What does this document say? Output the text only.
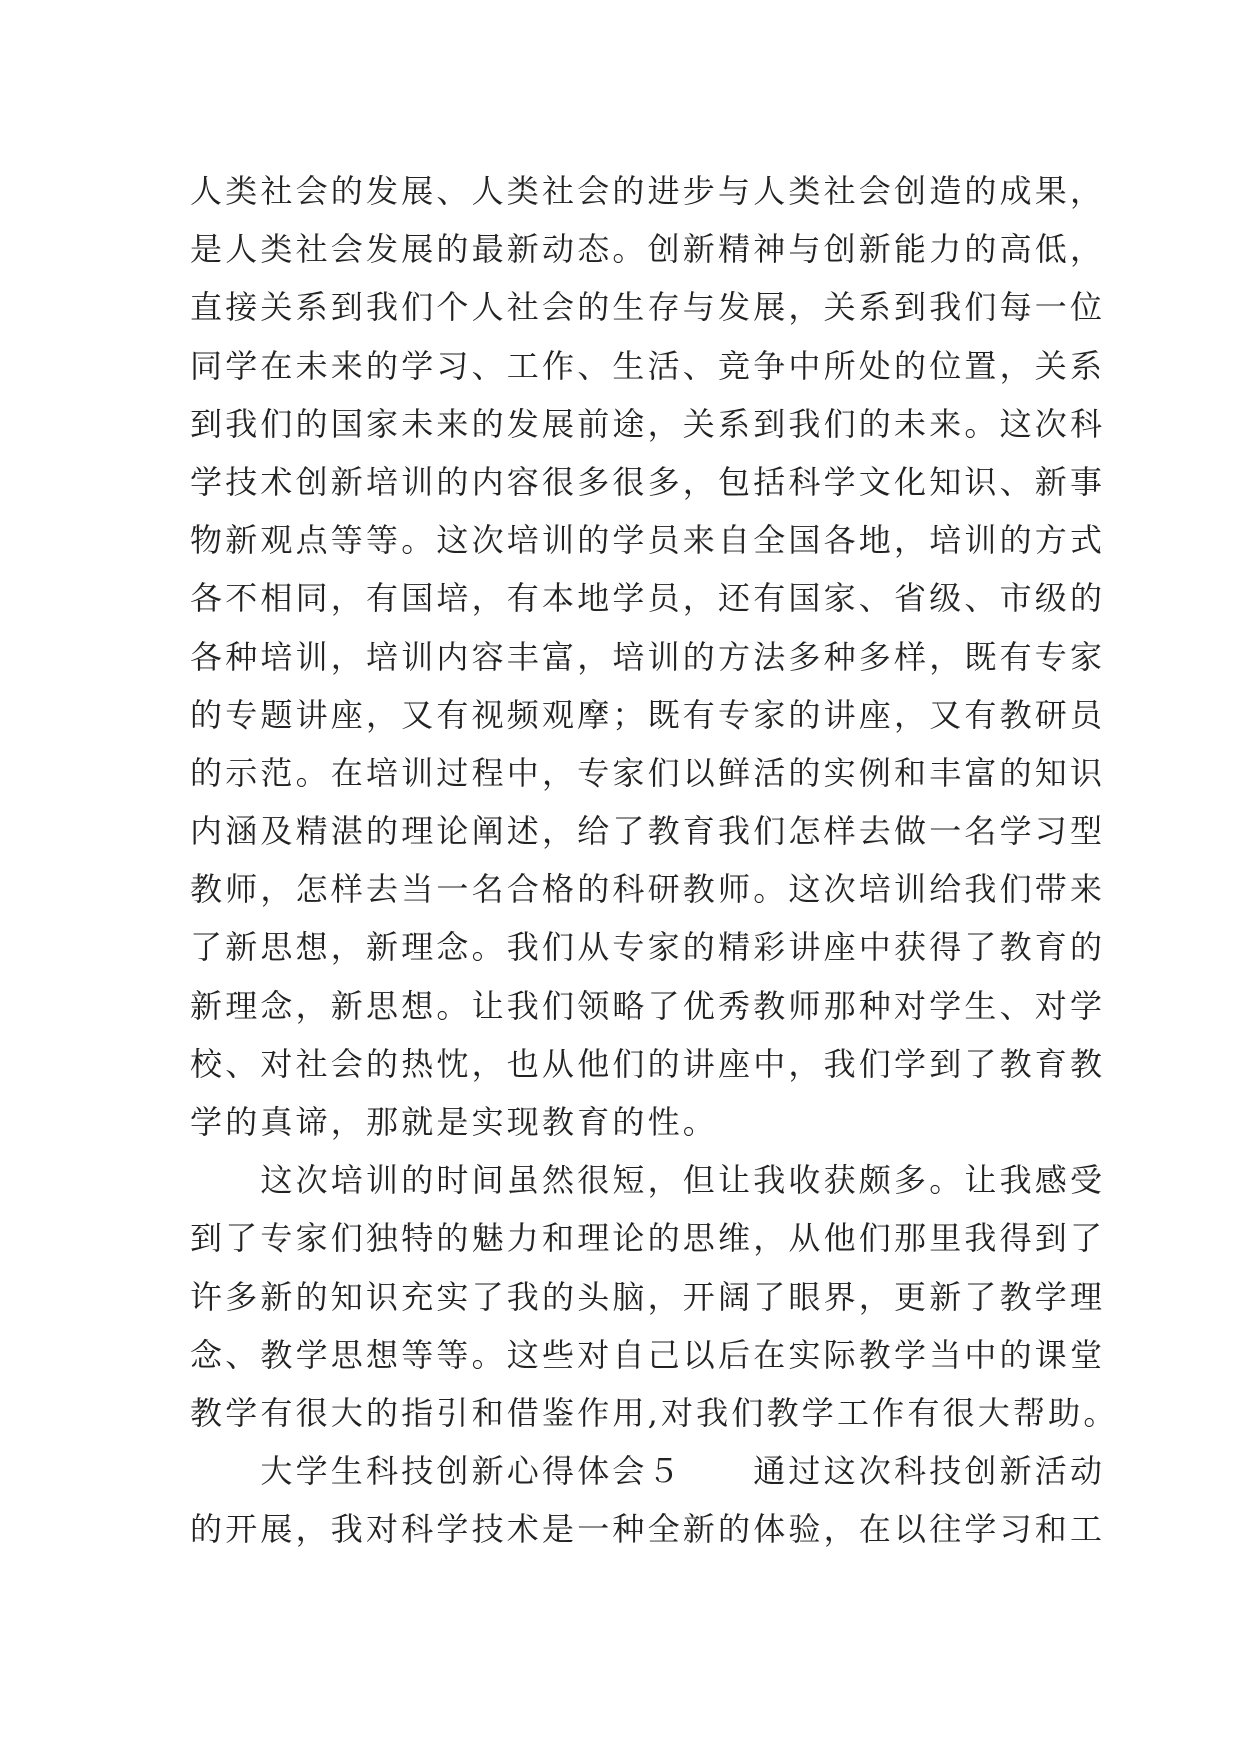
人类社会的发展、人类社会的进步与人类社会创造的成果，
是人类社会发展的最新动态。创新精神与创新能力的高低，
直接关系到我们个人社会的生存与发展，关系到我们每一位
同学在未来的学习、工作、生活、竞争中所处的位置，关系
到我们的国家未来的发展前途，关系到我们的未来。这次科
学技术创新培训的内容很多很多，包括科学文化知识、新事
物新观点等等。这次培训的学员来自全国各地，培训的方式
各不相同，有国培，有本地学员，还有国家、省级、市级的
各种培训，培训内容丰富，培训的方法多种多样，既有专家
的专题讲座，又有视频观摩；既有专家的讲座，又有教研员
的示范。在培训过程中，专家们以鲜活的实例和丰富的知识
内涵及精湛的理论阐述，给了教育我们怎样去做一名学习型
教师，怎样去当一名合格的科研教师。这次培训给我们带来
了新思想，新理念。我们从专家的精彩讲座中获得了教育的
新理念，新思想。让我们领略了优秀教师那种对学生、对学
校、对社会的热忱，也从他们的讲座中，我们学到了教育教
学的真谛，那就是实现教育的性。
　　这次培训的时间虽然很短，但让我收获颇多。让我感受
到了专家们独特的魅力和理论的思维，从他们那里我得到了
许多新的知识充实了我的头脑，开阔了眼界，更新了教学理
念、教学思想等等。这些对自己以后在实际教学当中的课堂
教学有很大的指引和借鉴作用,对我们教学工作有很大帮助。
　　大学生科技创新心得体会５　　通过这次科技创新活动
的开展，我对科学技术是一种全新的体验，在以往学习和工
